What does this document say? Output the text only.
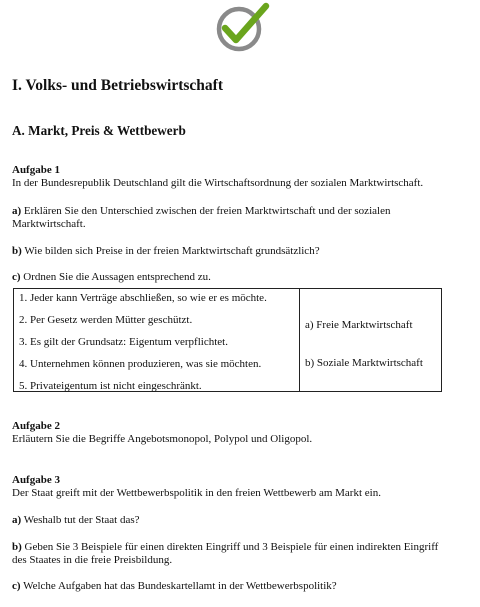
I. Volks- und Betriebswirtschaft
A. Markt, Preis & Wettbewerb
Aufgabe 1
In der Bundesrepublik Deutschland gilt die Wirtschaftsordnung der sozialen Marktwirtschaft.
a) Erklären Sie den Unterschied zwischen der freien Marktwirtschaft und der sozialen
Marktwirtschaft.
b) Wie bilden sich Preise in der freien Marktwirtschaft grundsätzlich?
c) Ordnen Sie die Aussagen entsprechend zu.
1. Jeder kann Verträge abschließen, so wie er es möchte.
2. Per Gesetz werden Mütter geschützt.
3. Es gilt der Grundsatz: Eigentum verpflichtet.
4. Unternehmen können produzieren, was sie möchten.
5. Privateigentum ist nicht eingeschränkt.
a) Freie Marktwirtschaft
b) Soziale Marktwirtschaft
Aufgabe 2
Erläutern Sie die Begriffe Angebotsmonopol, Polypol und Oligopol.
Aufgabe 3
Der Staat greift mit der Wettbewerbspolitik in den freien Wettbewerb am Markt ein.
a) Weshalb tut der Staat das?
b) Geben Sie 3 Beispiele für einen direkten Eingriff und 3 Beispiele für einen indirekten Eingriff
des Staates in die freie Preisbildung.
c) Welche Aufgaben hat das Bundeskartellamt in der Wettbewerbspolitik?
